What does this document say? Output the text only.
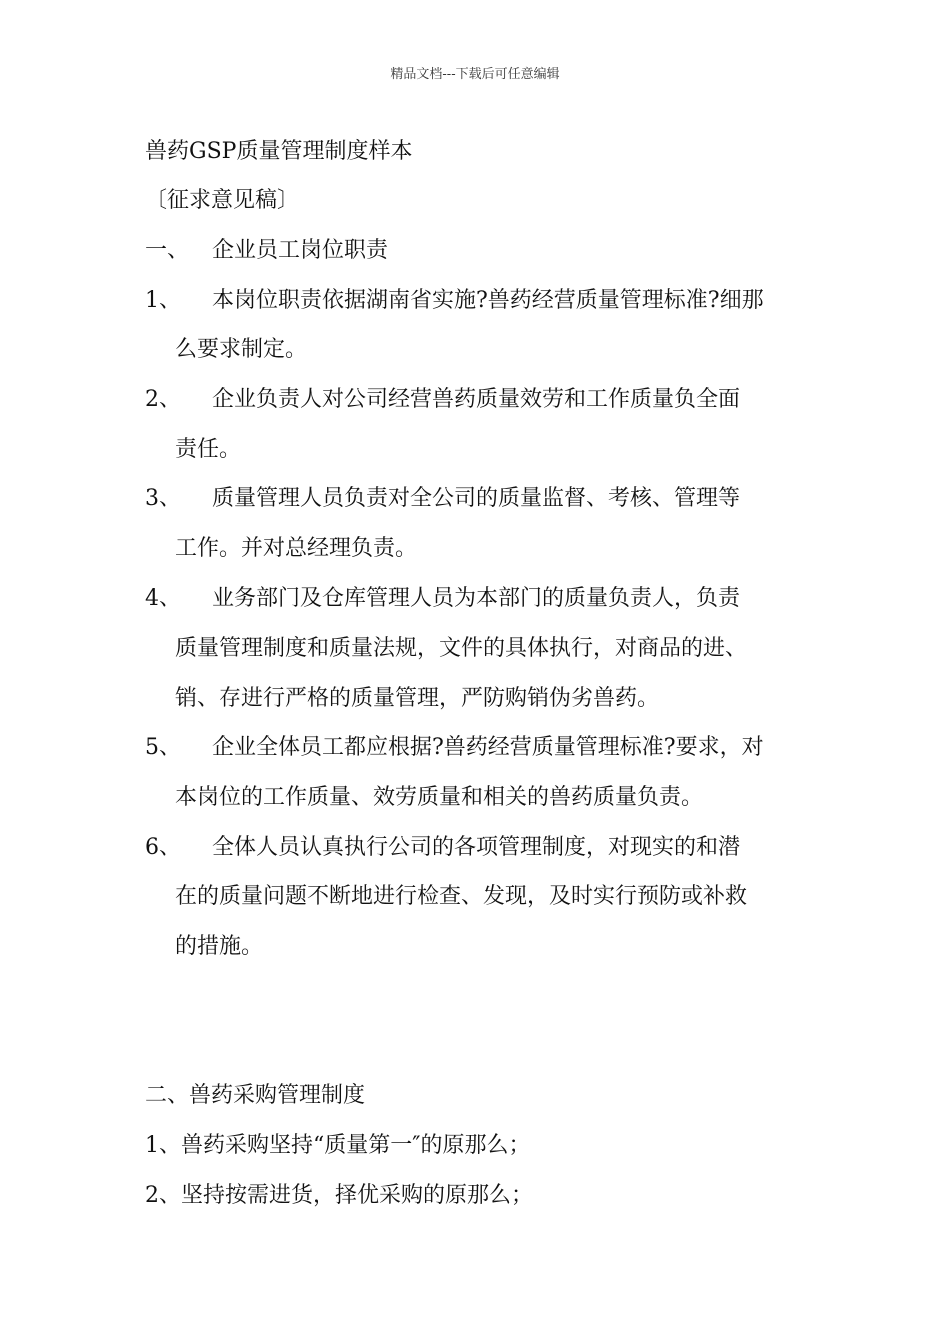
精品文档---下载后可任意编辑
兽药GSP质量管理制度样本
〔征求意见稿〕
一、 企业员工岗位职责
1、 本岗位职责依据湖南省实施?兽药经营质量管理标准?细那
么要求制定。
2、 企业负责人对公司经营兽药质量效劳和工作质量负全面
责任。
3、 质量管理人员负责对全公司的质量监督、考核、管理等
工作。并对总经理负责。
4、 业务部门及仓库管理人员为本部门的质量负责人，负责
质量管理制度和质量法规，文件的具体执行，对商品的进、
销、存进行严格的质量管理，严防购销伪劣兽药。
5、 企业全体员工都应根据?兽药经营质量管理标准?要求，对
本岗位的工作质量、效劳质量和相关的兽药质量负责。
6、 全体人员认真执行公司的各项管理制度，对现实的和潜
在的质量问题不断地进行检查、发现，及时实行预防或补救
的措施。
二、兽药采购管理制度
1、兽药采购坚持“质量第一″的原那么；
2、坚持按需进货，择优采购的原那么；
